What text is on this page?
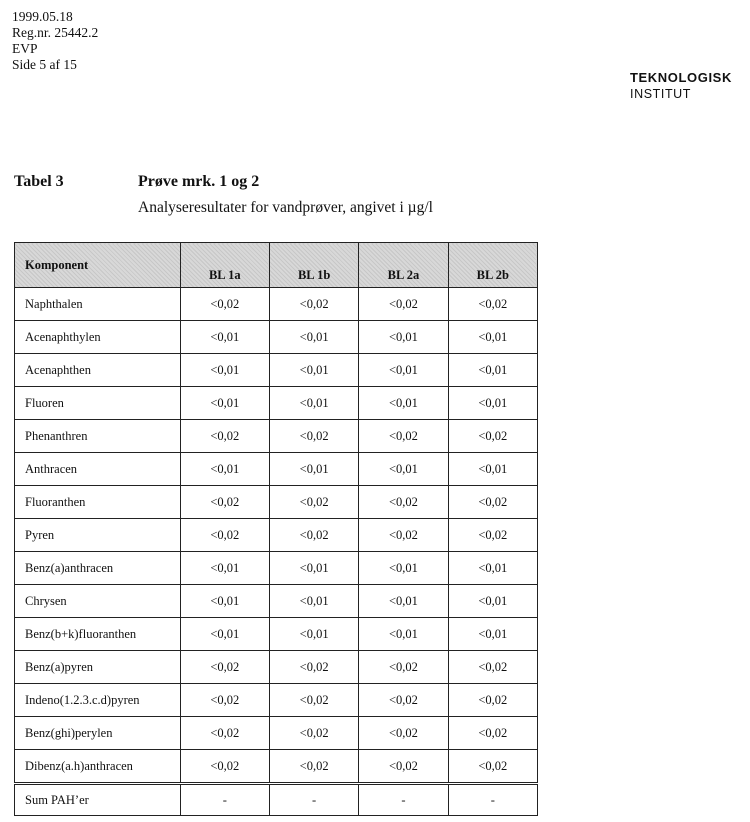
1999.05.18
Reg.nr. 25442.2
EVP
Side 5 af 15
TEKNOLOGISK
INSTITUT
Tabel 3	Prøve mrk. 1 og 2
Analyseresultater for vandprøver, angivet i µg/l
Komponent	BL 1a	BL 1b	BL 2a	BL 2b
Naphthalen	<0,02	<0,02	<0,02	<0,02
Acenaphthylen	<0,01	<0,01	<0,01	<0,01
Acenaphthen	<0,01	<0,01	<0,01	<0,01
Fluoren	<0,01	<0,01	<0,01	<0,01
Phenanthren	<0,02	<0,02	<0,02	<0,02
Anthracen	<0,01	<0,01	<0,01	<0,01
Fluoranthen	<0,02	<0,02	<0,02	<0,02
Pyren	<0,02	<0,02	<0,02	<0,02
Benz(a)anthracen	<0,01	<0,01	<0,01	<0,01
Chrysen	<0,01	<0,01	<0,01	<0,01
Benz(b+k)fluoranthen	<0,01	<0,01	<0,01	<0,01
Benz(a)pyren	<0,02	<0,02	<0,02	<0,02
Indeno(1.2.3.c.d)pyren	<0,02	<0,02	<0,02	<0,02
Benz(ghi)perylen	<0,02	<0,02	<0,02	<0,02
Dibenz(a.h)anthracen	<0,02	<0,02	<0,02	<0,02
Sum PAH’er	-	-	-	-
